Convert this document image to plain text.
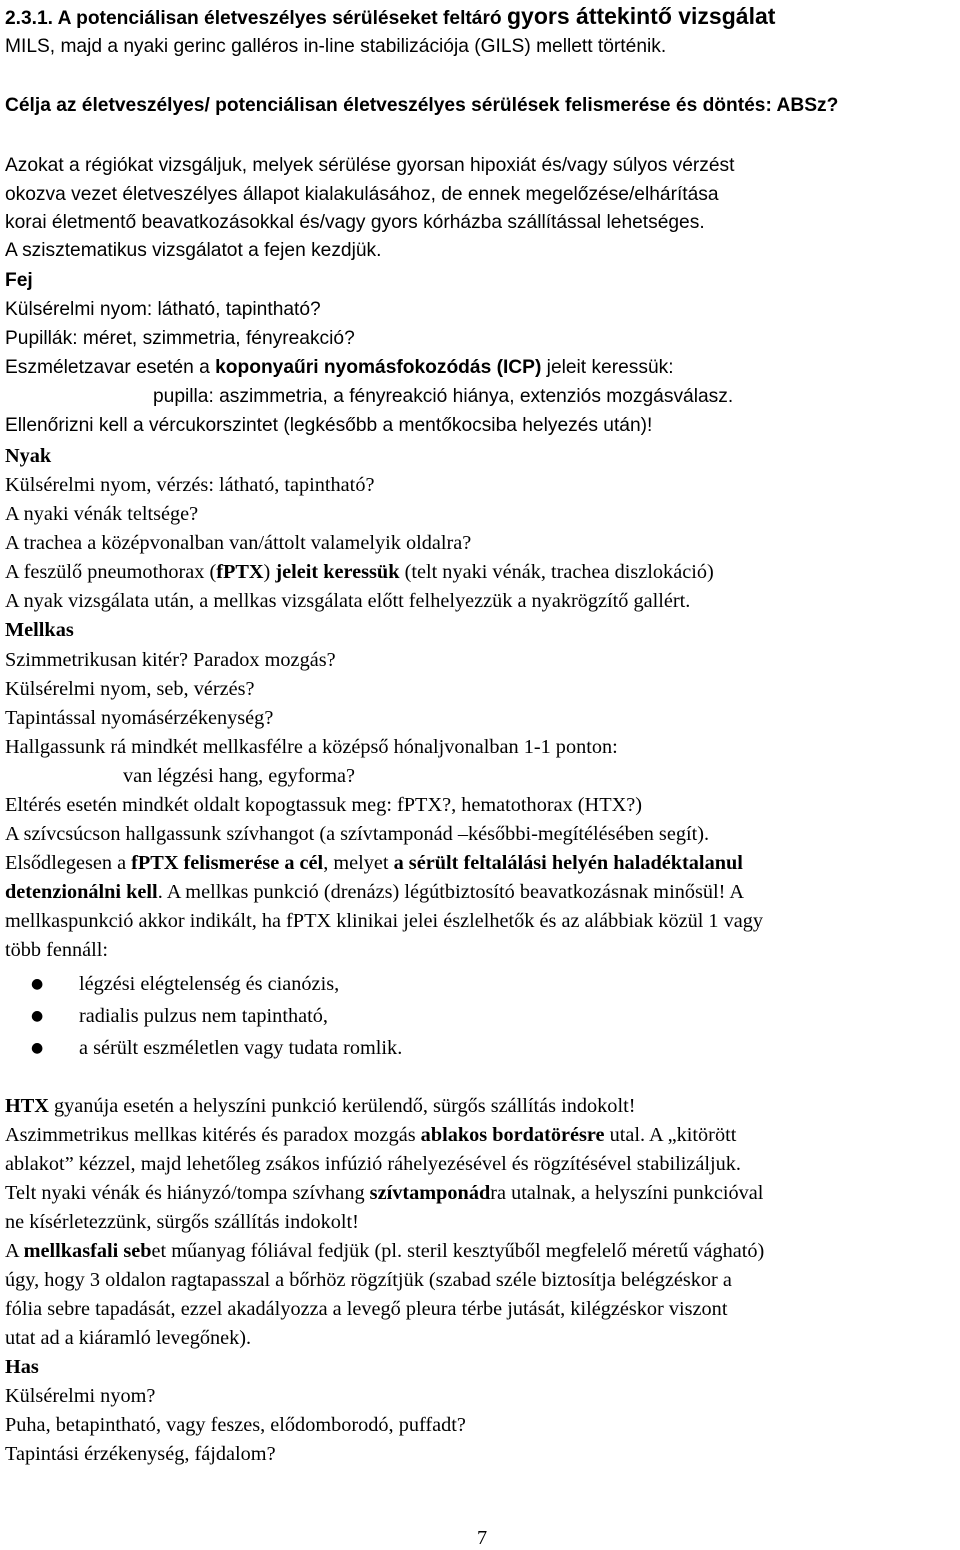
2.3.1. A potenciálisan életveszélyes sérüléseket feltáró gyors áttekintő vizsgálat
MILS, majd a nyaki gerinc galléros in-line stabilizációja (GILS) mellett történik.
Célja az életveszélyes/ potenciálisan életveszélyes sérülések felismerése és döntés: ABSz?
Azokat a régiókat vizsgáljuk, melyek sérülése gyorsan hipoxiát és/vagy súlyos vérzést
okozva vezet életveszélyes állapot kialakulásához, de ennek megelőzése/elhárítása
korai életmentő beavatkozásokkal és/vagy gyors kórházba szállítással lehetséges.
A szisztematikus vizsgálatot a fejen kezdjük.
Fej
Külsérelmi nyom: látható, tapintható?
Pupillák: méret, szimmetria, fényreakció?
Eszméletzavar esetén a koponyaűri nyomásfokozódás (ICP) jeleit keressük:
pupilla: aszimmetria, a fényreakció hiánya, extenziós mozgásválasz.
Ellenőrizni kell a vércukorszintet (legkésőbb a mentőkocsiba helyezés után)!
Nyak
Külsérelmi nyom, vérzés: látható, tapintható?
A nyaki vénák teltsége?
A trachea a középvonalban van/áttolt valamelyik oldalra?
A feszülő pneumothorax (fPTX) jeleit keressük (telt nyaki vénák, trachea diszlokáció)
A nyak vizsgálata után, a mellkas vizsgálata előtt felhelyezzük a nyakrögzítő gallért.
Mellkas
Szimmetrikusan kitér? Paradox mozgás?
Külsérelmi nyom, seb, vérzés?
Tapintással nyomásérzékenység?
Hallgassunk rá mindkét mellkasfélre a középső hónaljvonalban 1-1 ponton:
van légzési hang, egyforma?
Eltérés esetén mindkét oldalt kopogtassuk meg: fPTX?, hematothorax (HTX?)
A szívcsúcson hallgassunk szívhangot (a szívtamponád –későbbi-megítélésében segít).
Elsődlegesen a fPTX felismerése a cél, melyet a sérült feltalálási helyén haladéktalanul
detenzionálni kell. A mellkas punkció (drenázs) légútbiztosító beavatkozásnak minősül! A
mellkaspunkció akkor indikált, ha fPTX klinikai jelei észlelhetők és az alábbiak közül 1 vagy
több fennáll:
● légzési elégtelenség és cianózis,
● radialis pulzus nem tapintható,
● a sérült eszméletlen vagy tudata romlik.
HTX gyanúja esetén a helyszíni punkció kerülendő, sürgős szállítás indokolt!
Aszimmetrikus mellkas kitérés és paradox mozgás ablakos bordatörésre utal. A „kitörött
ablakot” kézzel, majd lehetőleg zsákos infúzió ráhelyezésével és rögzítésével stabilizáljuk.
Telt nyaki vénák és hiányzó/tompa szívhang szívtamponádra utalnak, a helyszíni punkcióval
ne kísérletezzünk, sürgős szállítás indokolt!
A mellkasfali sebet műanyag fóliával fedjük (pl. steril kesztyűből megfelelő méretű vágható)
úgy, hogy 3 oldalon ragtapasszal a bőrhöz rögzítjük (szabad széle biztosítja belégzéskor a
fólia sebre tapadását, ezzel akadályozza a levegő pleura térbe jutását, kilégzéskor viszont
utat ad a kiáramló levegőnek).
Has
Külsérelmi nyom?
Puha, betapintható, vagy feszes, elődomborodó, puffadt?
Tapintási érzékenység, fájdalom?
7
